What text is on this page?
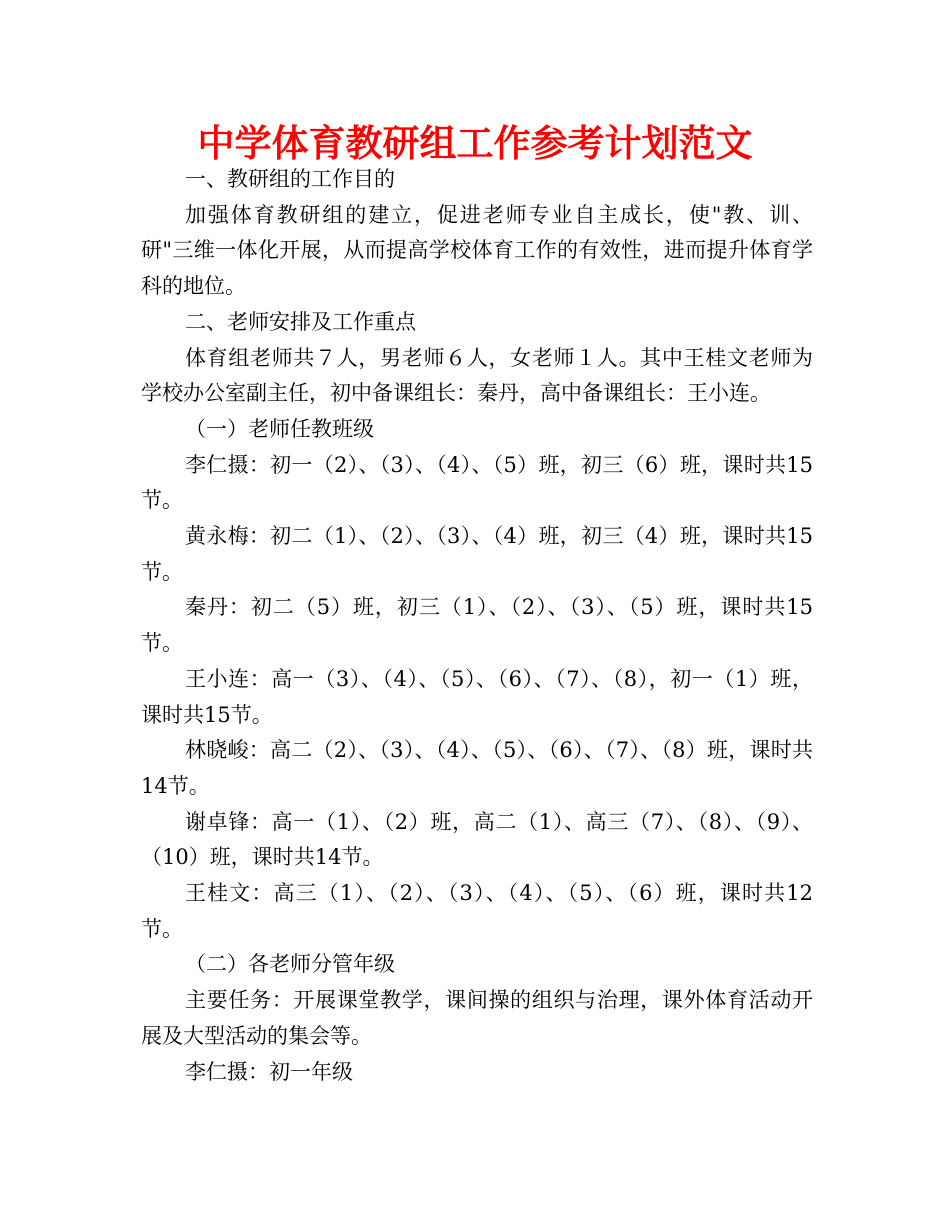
中学体育教研组工作参考计划范文

一、教研组的工作目的

加强体育教研组的建立，促进老师专业自主成长，使"教、训、研"三维一体化开展，从而提高学校体育工作的有效性，进而提升体育学科的地位。

二、老师安排及工作重点

体育组老师共７人，男老师６人，女老师１人。其中王桂文老师为学校办公室副主任，初中备课组长：秦丹，高中备课组长：王小连。

（一）老师任教班级

李仁摄：初一（2）、（3）、（4）、（5）班，初三（6）班，课时共15节。

黄永梅：初二（1）、（2）、（3）、（4）班，初三（4）班，课时共15节。

秦丹：初二（5）班，初三（1）、（2）、（3）、（5）班，课时共15节。

王小连：高一（3）、（4）、（5）、（6）、（7）、（8），初一（1）班，课时共15节。

林晓峻：高二（2）、（3）、（4）、（5）、（6）、（7）、（8）班，课时共14节。

谢卓锋：高一（1）、（2）班，高二（1）、高三（7）、（8）、（9）、（10）班，课时共14节。

王桂文：高三（1）、（2）、（3）、（4）、（5）、（6）班，课时共12节。

（二）各老师分管年级

主要任务：开展课堂教学，课间操的组织与治理，课外体育活动开展及大型活动的集会等。

李仁摄：初一年级
